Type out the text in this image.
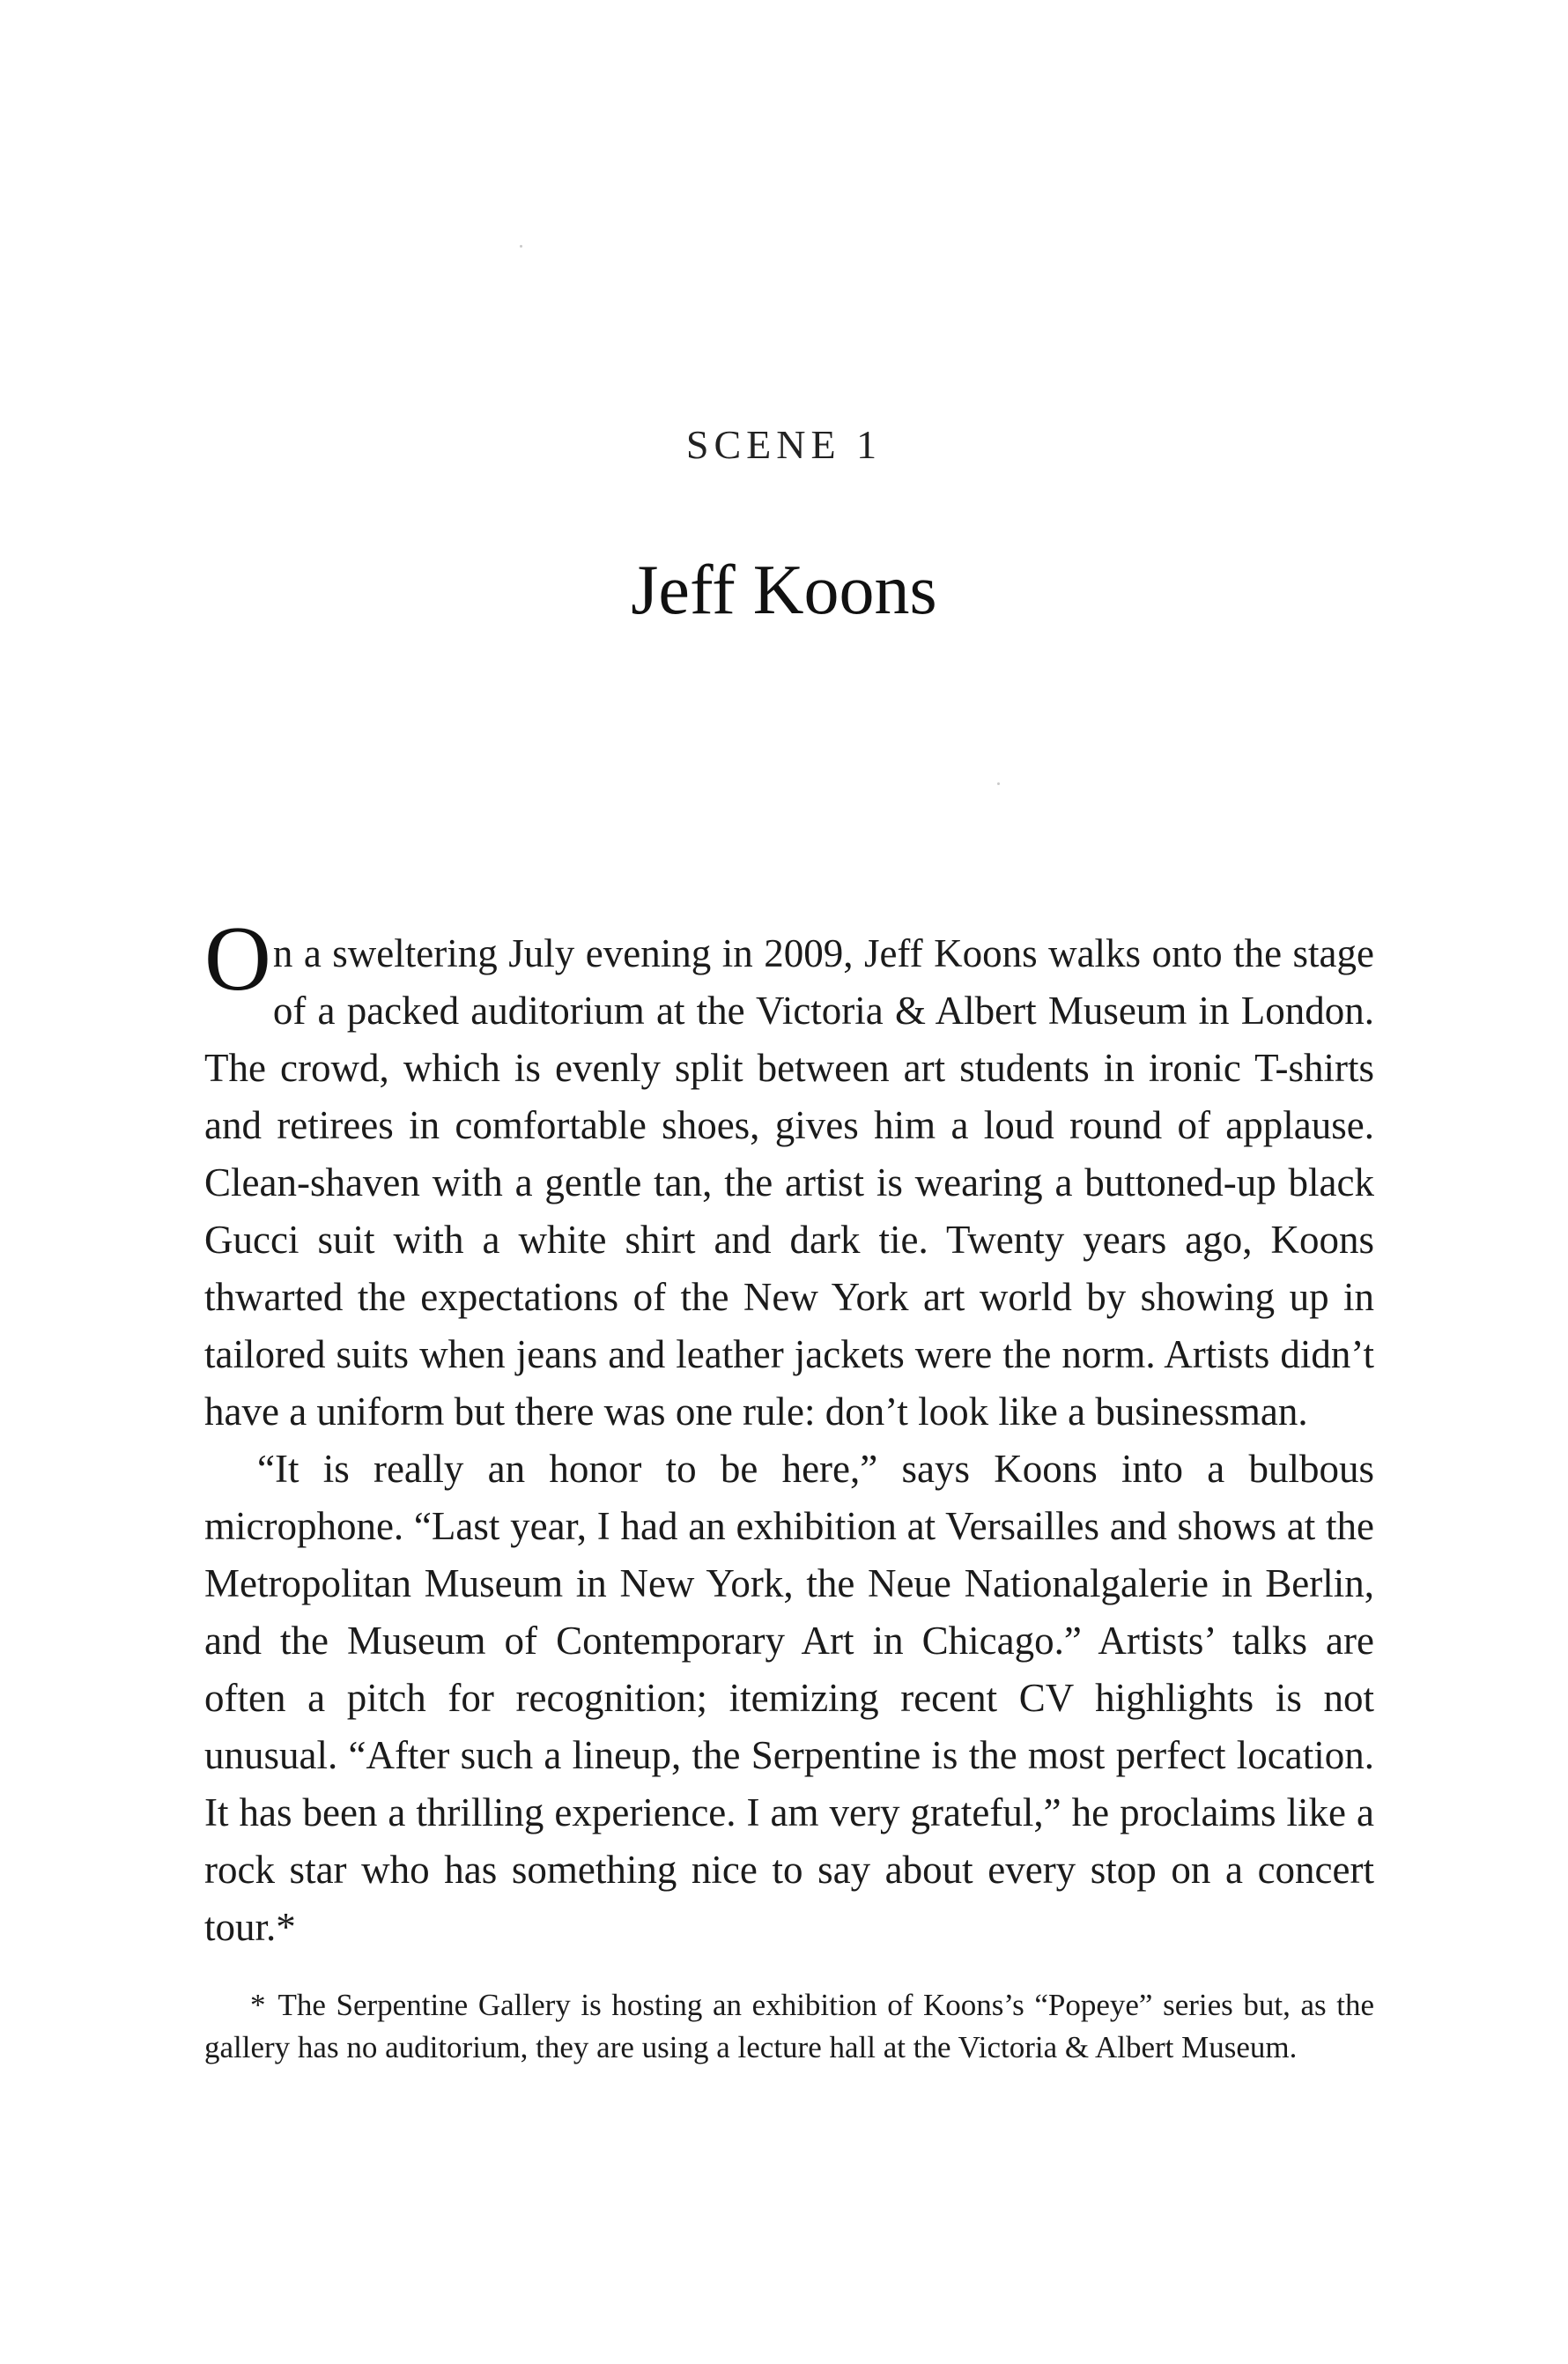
SCENE 1
Jeff Koons

On a sweltering July evening in 2009, Jeff Koons walks onto the stage of a packed auditorium at the Victoria & Albert Museum in London. The crowd, which is evenly split between art students in ironic T-shirts and retirees in comfortable shoes, gives him a loud round of applause. Clean-shaven with a gentle tan, the artist is wearing a buttoned-up black Gucci suit with a white shirt and dark tie. Twenty years ago, Koons thwarted the expectations of the New York art world by showing up in tailored suits when jeans and leather jackets were the norm. Artists didn’t have a uniform but there was one rule: don’t look like a businessman.

“It is really an honor to be here,” says Koons into a bulbous microphone. “Last year, I had an exhibition at Versailles and shows at the Metropolitan Museum in New York, the Neue Nationalgalerie in Berlin, and the Museum of Contemporary Art in Chicago.” Artists’ talks are often a pitch for recognition; itemizing recent CV highlights is not unusual. “After such a lineup, the Serpentine is the most perfect location. It has been a thrilling experience. I am very grateful,” he proclaims like a rock star who has something nice to say about every stop on a concert tour.*

* The Serpentine Gallery is hosting an exhibition of Koons’s “Popeye” series but, as the gallery has no auditorium, they are using a lecture hall at the Victoria & Albert Museum.
